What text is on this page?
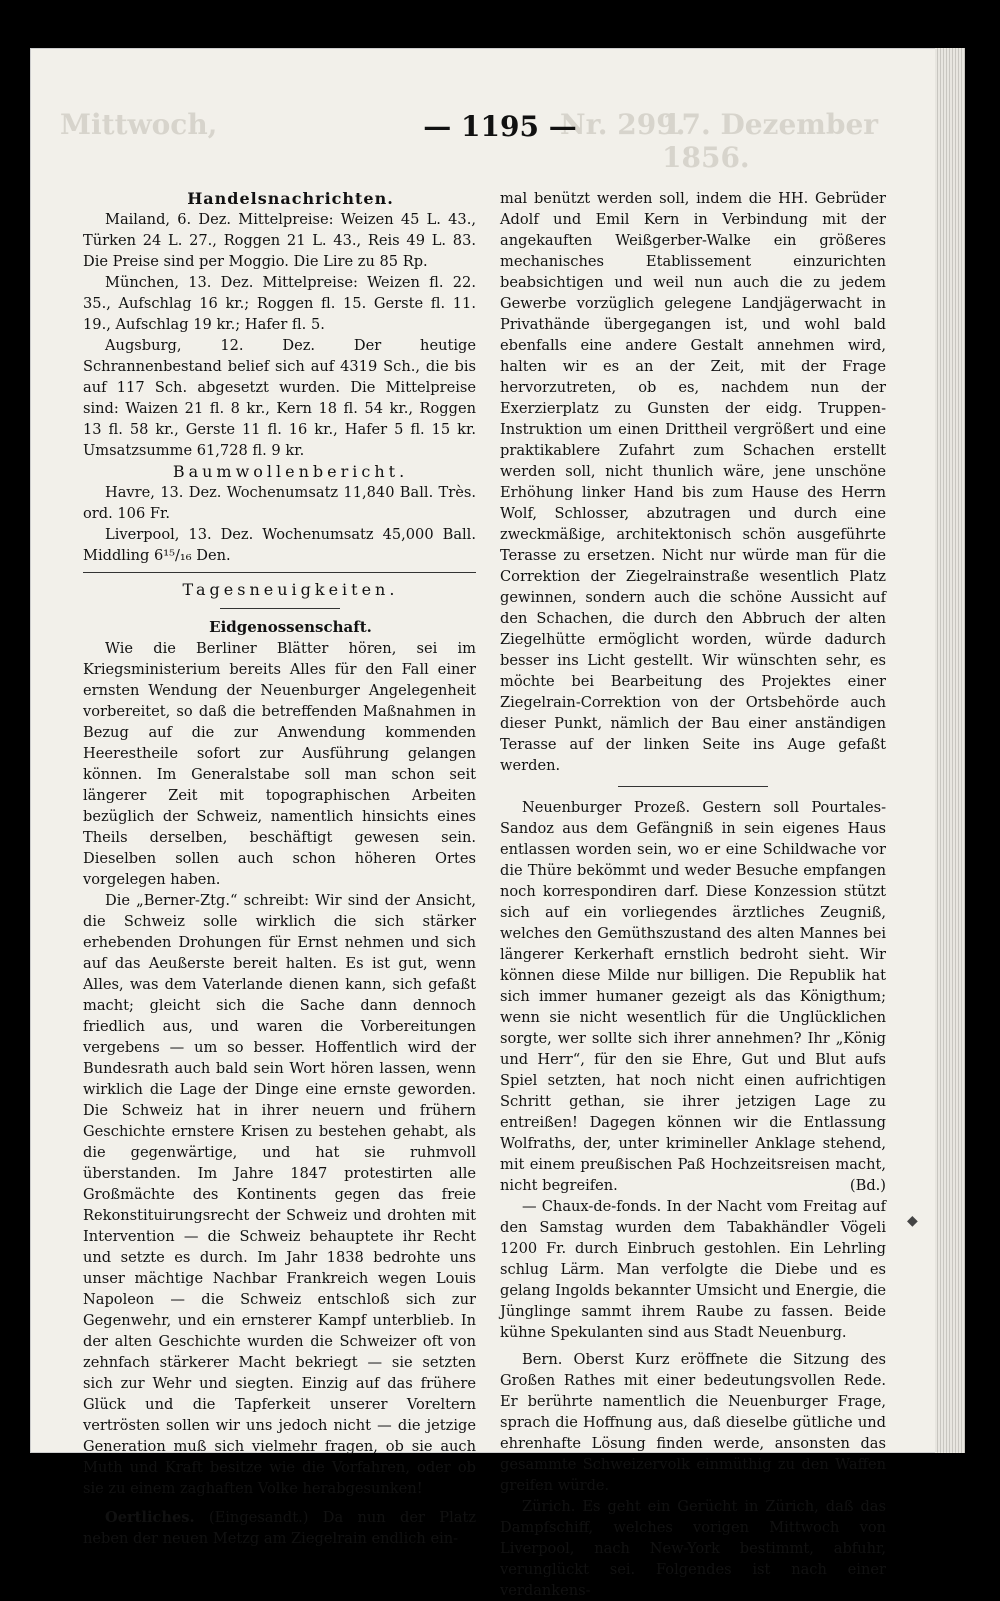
Mittwoch,	Nr. 299.
17. Dezember 1856.
— 1195 —

Handelsnachrichten.

Mailand, 6. Dez. Mittelpreise: Weizen 45 L. 43., Türken 24 L. 27., Roggen 21 L. 43., Reis 49 L. 83. Die Preise sind per Moggio. Die Lire zu 85 Rp.

München, 13. Dez. Mittelpreise: Weizen fl. 22. 35., Aufschlag 16 kr.; Roggen fl. 15. Gerste fl. 11. 19., Aufschlag 19 kr.; Hafer fl. 5.

Augsburg, 12. Dez. Der heutige Schrannenbestand belief sich auf 4319 Sch., die bis auf 117 Sch. abgesetzt wurden. Die Mittelpreise sind: Waizen 21 fl. 8 kr., Kern 18 fl. 54 kr., Roggen 13 fl. 58 kr., Gerste 11 fl. 16 kr., Hafer 5 fl. 15 kr. Umsatzsumme 61,728 fl. 9 kr.

Baumwollenbericht.

Havre, 13. Dez. Wochenumsatz 11,840 Ball. Très. ord. 106 Fr.

Liverpool, 13. Dez. Wochenumsatz 45,000 Ball. Middling 6¹⁵/₁₆ Den.

Tagesneuigkeiten.

Eidgenossenschaft.

Wie die Berliner Blätter hören, sei im Kriegsministerium bereits Alles für den Fall einer ernsten Wendung der Neuenburger Angelegenheit vorbereitet, so daß die betreffenden Maßnahmen in Bezug auf die zur Anwendung kommenden Heerestheile sofort zur Ausführung gelangen können. Im Generalstabe soll man schon seit längerer Zeit mit topographischen Arbeiten bezüglich der Schweiz, namentlich hinsichts eines Theils derselben, beschäftigt gewesen sein. Dieselben sollen auch schon höheren Ortes vorgelegen haben.

Die „Berner-Ztg.“ schreibt: Wir sind der Ansicht, die Schweiz solle wirklich die sich stärker erhebenden Drohungen für Ernst nehmen und sich auf das Aeußerste bereit halten. Es ist gut, wenn Alles, was dem Vaterlande dienen kann, sich gefaßt macht; gleicht sich die Sache dann dennoch friedlich aus, und waren die Vorbereitungen vergebens — um so besser. Hoffentlich wird der Bundesrath auch bald sein Wort hören lassen, wenn wirklich die Lage der Dinge eine ernste geworden. Die Schweiz hat in ihrer neuern und frühern Geschichte ernstere Krisen zu bestehen gehabt, als die gegenwärtige, und hat sie ruhmvoll überstanden. Im Jahre 1847 protestirten alle Großmächte des Kontinents gegen das freie Rekonstituirungsrecht der Schweiz und drohten mit Intervention — die Schweiz behauptete ihr Recht und setzte es durch. Im Jahr 1838 bedrohte uns unser mächtige Nachbar Frankreich wegen Louis Napoleon — die Schweiz entschloß sich zur Gegenwehr, und ein ernsterer Kampf unterblieb. In der alten Geschichte wurden die Schweizer oft von zehnfach stärkerer Macht bekriegt — sie setzten sich zur Wehr und siegten. Einzig auf das frühere Glück und die Tapferkeit unserer Voreltern vertrösten sollen wir uns jedoch nicht — die jetzige Generation muß sich vielmehr fragen, ob sie auch Muth und Kraft besitze wie die Vorfahren, oder ob sie zu einem zaghaften Volke herabgesunken!

Oertliches. (Eingesandt.) Da nun der Platz neben der neuen Metzg am Ziegelrain endlich ein-

mal benützt werden soll, indem die HH. Gebrüder Adolf und Emil Kern in Verbindung mit der angekauften Weißgerber-Walke ein größeres mechanisches Etablissement einzurichten beabsichtigen und weil nun auch die zu jedem Gewerbe vorzüglich gelegene Landjägerwacht in Privathände übergegangen ist, und wohl bald ebenfalls eine andere Gestalt annehmen wird, halten wir es an der Zeit, mit der Frage hervorzutreten, ob es, nachdem nun der Exerzierplatz zu Gunsten der eidg. Truppen-Instruktion um einen Drittheil vergrößert und eine praktikablere Zufahrt zum Schachen erstellt werden soll, nicht thunlich wäre, jene unschöne Erhöhung linker Hand bis zum Hause des Herrn Wolf, Schlosser, abzutragen und durch eine zweckmäßige, architektonisch schön ausgeführte Terasse zu ersetzen. Nicht nur würde man für die Correktion der Ziegelrainstraße wesentlich Platz gewinnen, sondern auch die schöne Aussicht auf den Schachen, die durch den Abbruch der alten Ziegelhütte ermöglicht worden, würde dadurch besser ins Licht gestellt. Wir wünschten sehr, es möchte bei Bearbeitung des Projektes einer Ziegelrain-Correktion von der Ortsbehörde auch dieser Punkt, nämlich der Bau einer anständigen Terasse auf der linken Seite ins Auge gefaßt werden.

Neuenburger Prozeß. Gestern soll Pourtales-Sandoz aus dem Gefängniß in sein eigenes Haus entlassen worden sein, wo er eine Schildwache vor die Thüre bekömmt und weder Besuche empfangen noch korrespondiren darf. Diese Konzession stützt sich auf ein vorliegendes ärztliches Zeugniß, welches den Gemüthszustand des alten Mannes bei längerer Kerkerhaft ernstlich bedroht sieht. Wir können diese Milde nur billigen. Die Republik hat sich immer humaner gezeigt als das Königthum; wenn sie nicht wesentlich für die Unglücklichen sorgte, wer sollte sich ihrer annehmen? Ihr „König und Herr“, für den sie Ehre, Gut und Blut aufs Spiel setzten, hat noch nicht einen aufrichtigen Schritt gethan, sie ihrer jetzigen Lage zu entreißen! Dagegen können wir die Entlassung Wolfraths, der, unter krimineller Anklage stehend, mit einem preußischen Paß Hochzeitsreisen macht, nicht begreifen.	(Bd.)

— Chaux-de-fonds. In der Nacht vom Freitag auf den Samstag wurden dem Tabakhändler Vögeli 1200 Fr. durch Einbruch gestohlen. Ein Lehrling schlug Lärm. Man verfolgte die Diebe und es gelang Ingolds bekannter Umsicht und Energie, die Jünglinge sammt ihrem Raube zu fassen. Beide kühne Spekulanten sind aus Stadt Neuenburg.

Bern. Oberst Kurz eröffnete die Sitzung des Großen Rathes mit einer bedeutungsvollen Rede. Er berührte namentlich die Neuenburger Frage, sprach die Hoffnung aus, daß dieselbe gütliche und ehrenhafte Lösung finden werde, ansonsten das gesammte Schweizervolk einmüthig zu den Waffen greifen würde.

Zürich. Es geht ein Gerücht in Zürich, daß das Dampfschiff, welches vorigen Mittwoch von Liverpool, nach New-York bestimmt, abfuhr, verunglückt sei. Folgendes ist nach einer verdankens-

◆
